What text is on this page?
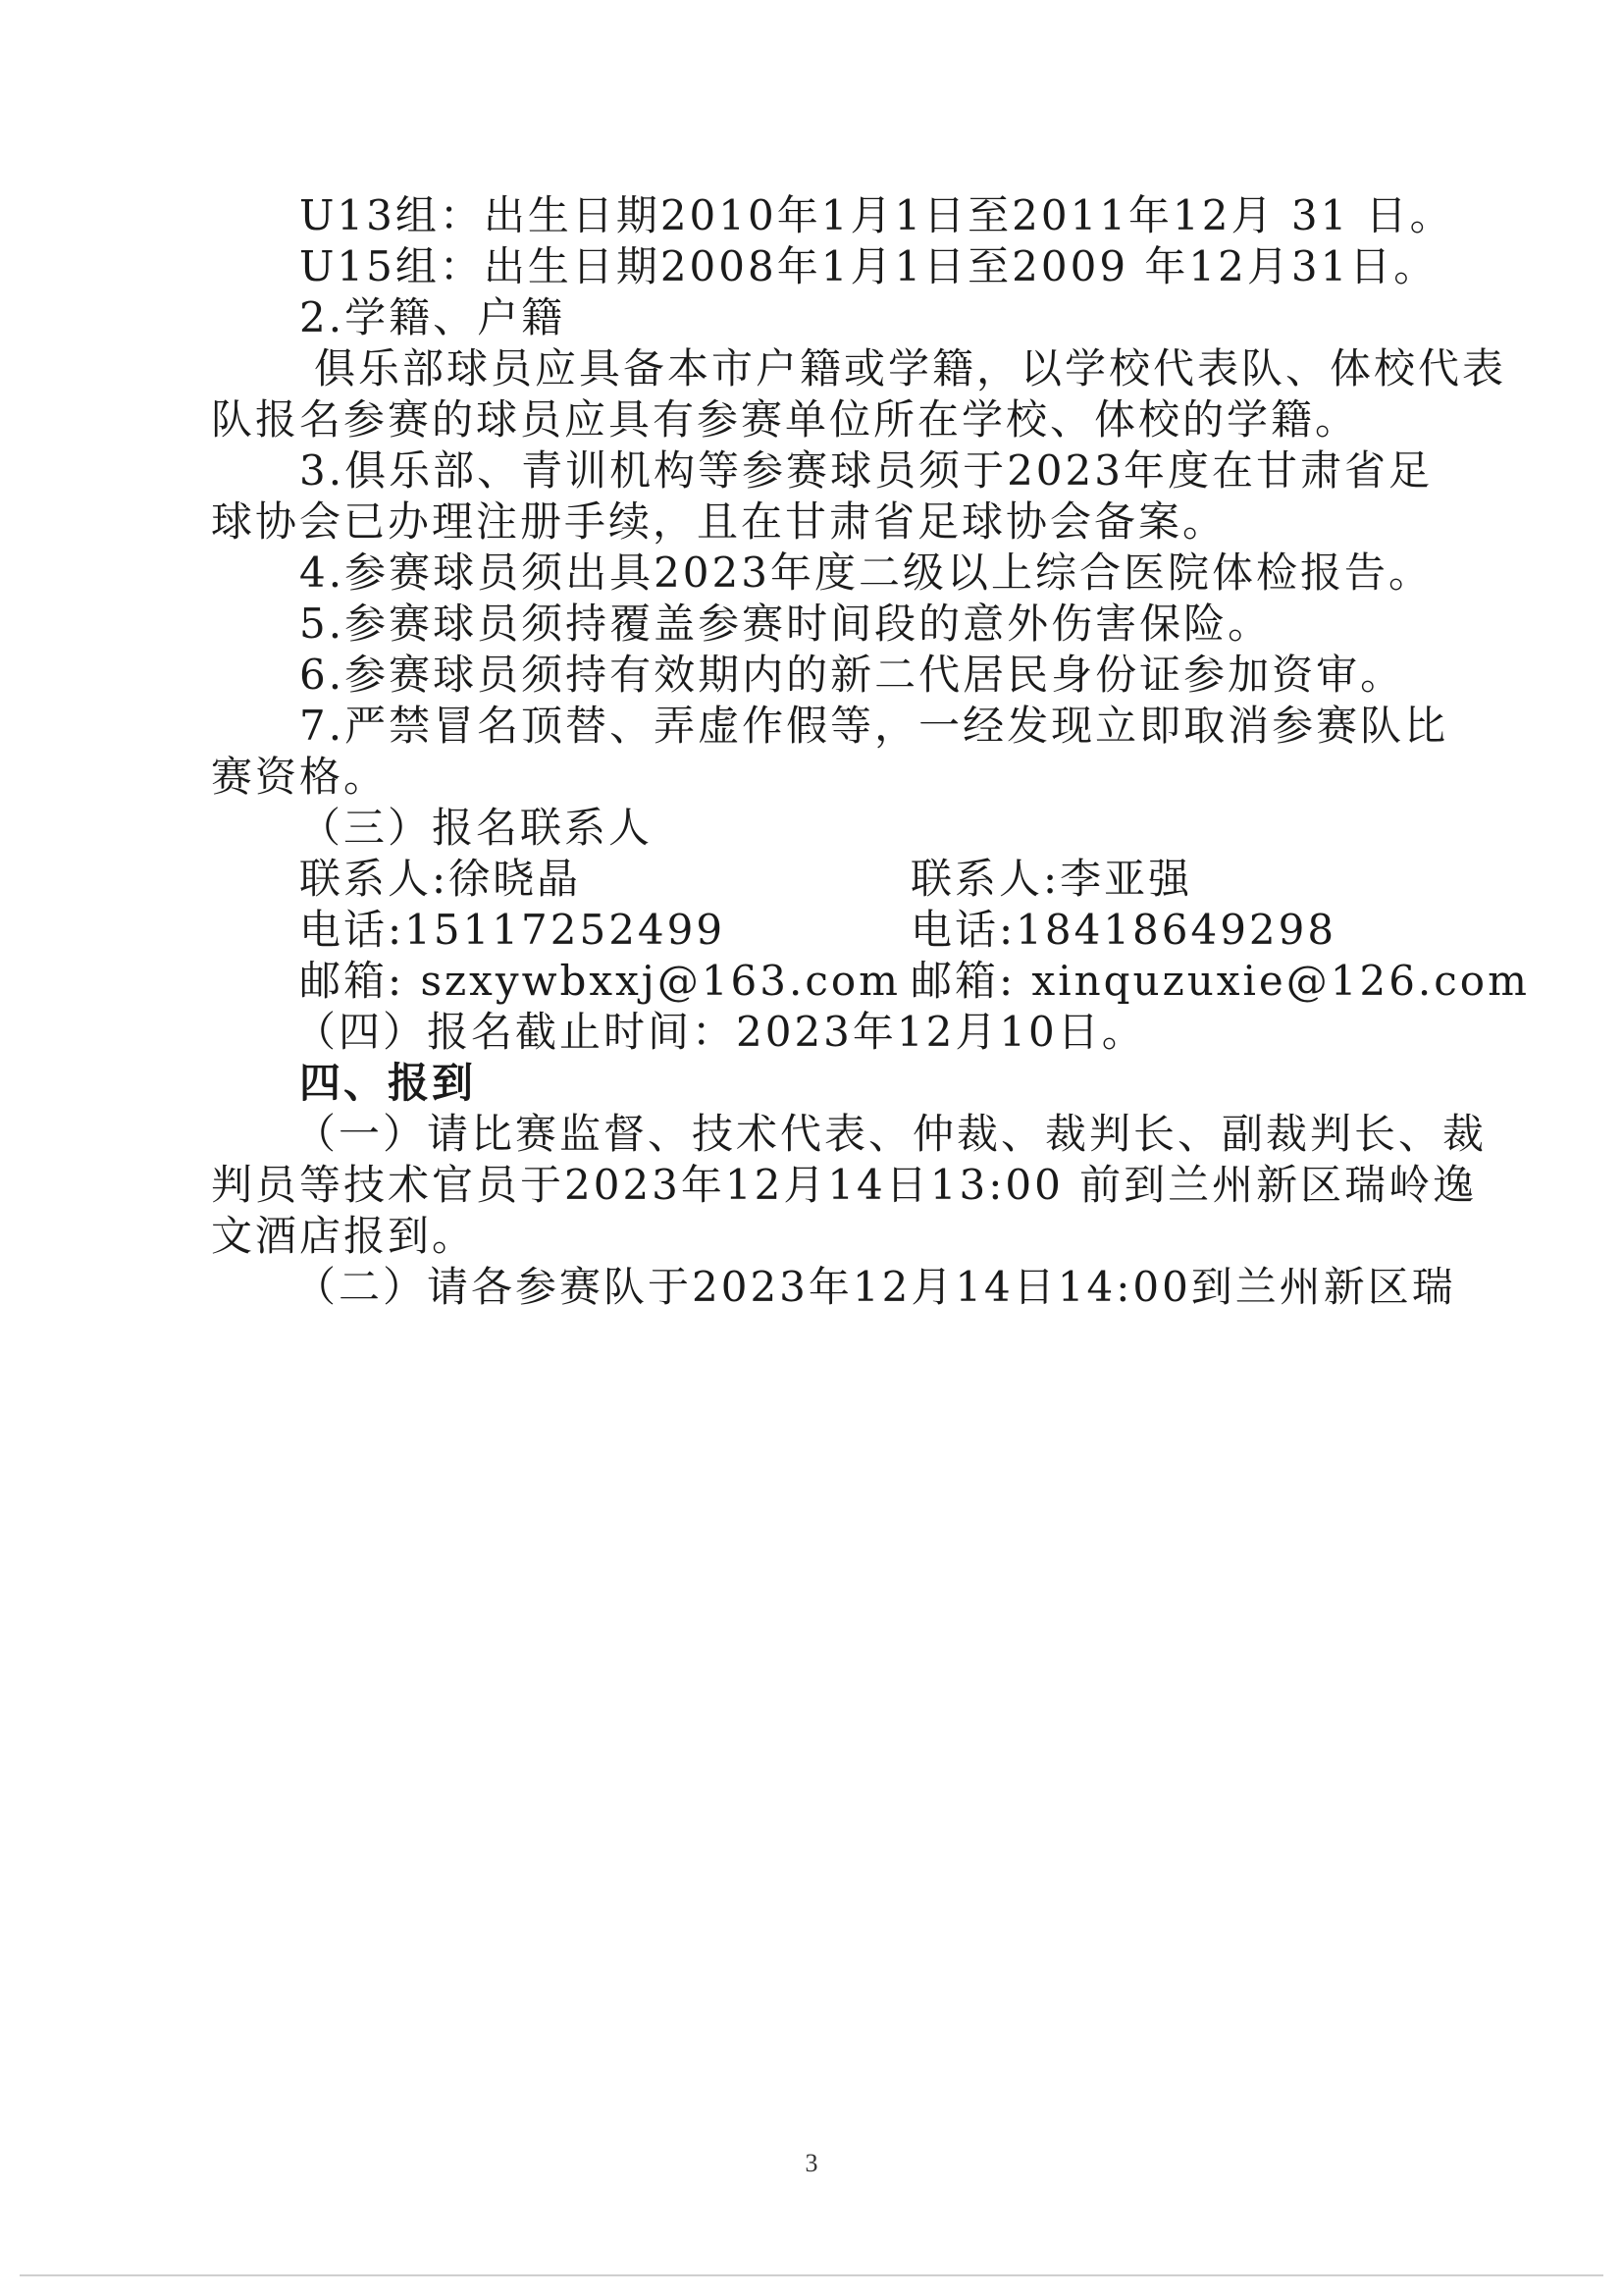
U13组：出生日期2010年1月1日至2011年12月 31 日。
U15组：出生日期2008年1月1日至2009 年12月31日。
2.学籍、户籍
俱乐部球员应具备本市户籍或学籍，以学校代表队、体校代表
队报名参赛的球员应具有参赛单位所在学校、体校的学籍。
3.俱乐部、青训机构等参赛球员须于2023年度在甘肃省足
球协会已办理注册手续，且在甘肃省足球协会备案。
4.参赛球员须出具2023年度二级以上综合医院体检报告。
5.参赛球员须持覆盖参赛时间段的意外伤害保险。
6.参赛球员须持有效期内的新二代居民身份证参加资审。
7.严禁冒名顶替、弄虚作假等，一经发现立即取消参赛队比
赛资格。
（三）报名联系人
联系人:徐晓晶	联系人:李亚强
电话:15117252499	电话:18418649298
邮箱: szxywbxxj@163.com 邮箱: xinquzuxie@126.com
（四）报名截止时间：2023年12月10日。
四、报到
（一）请比赛监督、技术代表、仲裁、裁判长、副裁判长、裁
判员等技术官员于2023年12月14日13:00 前到兰州新区瑞岭逸
文酒店报到。
（二）请各参赛队于2023年12月14日14:00到兰州新区瑞
3
